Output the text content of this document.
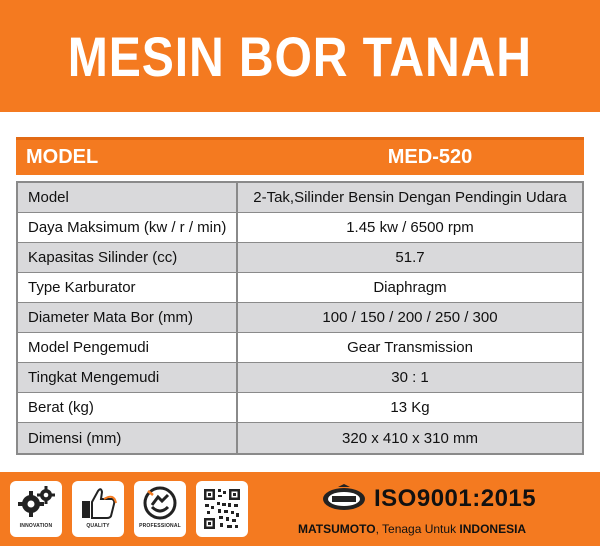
MESIN BOR TANAH
MODEL	MED-520
Model	2-Tak,Silinder Bensin Dengan Pendingin Udara
Daya Maksimum (kw / r / min)	1.45 kw / 6500 rpm
Kapasitas Silinder (cc)	51.7
Type Karburator	Diaphragm
Diameter Mata Bor (mm)	100 / 150 / 200 / 250 / 300
Model Pengemudi	Gear Transmission
Tingkat Mengemudi	30 : 1
Berat (kg)	13 Kg
Dimensi (mm)	320 x 410 x 310 mm
INNOVATION	QUALITY	PROFESSIONAL
ISO9001:2015
MATSUMOTO, Tenaga Untuk INDONESIA
